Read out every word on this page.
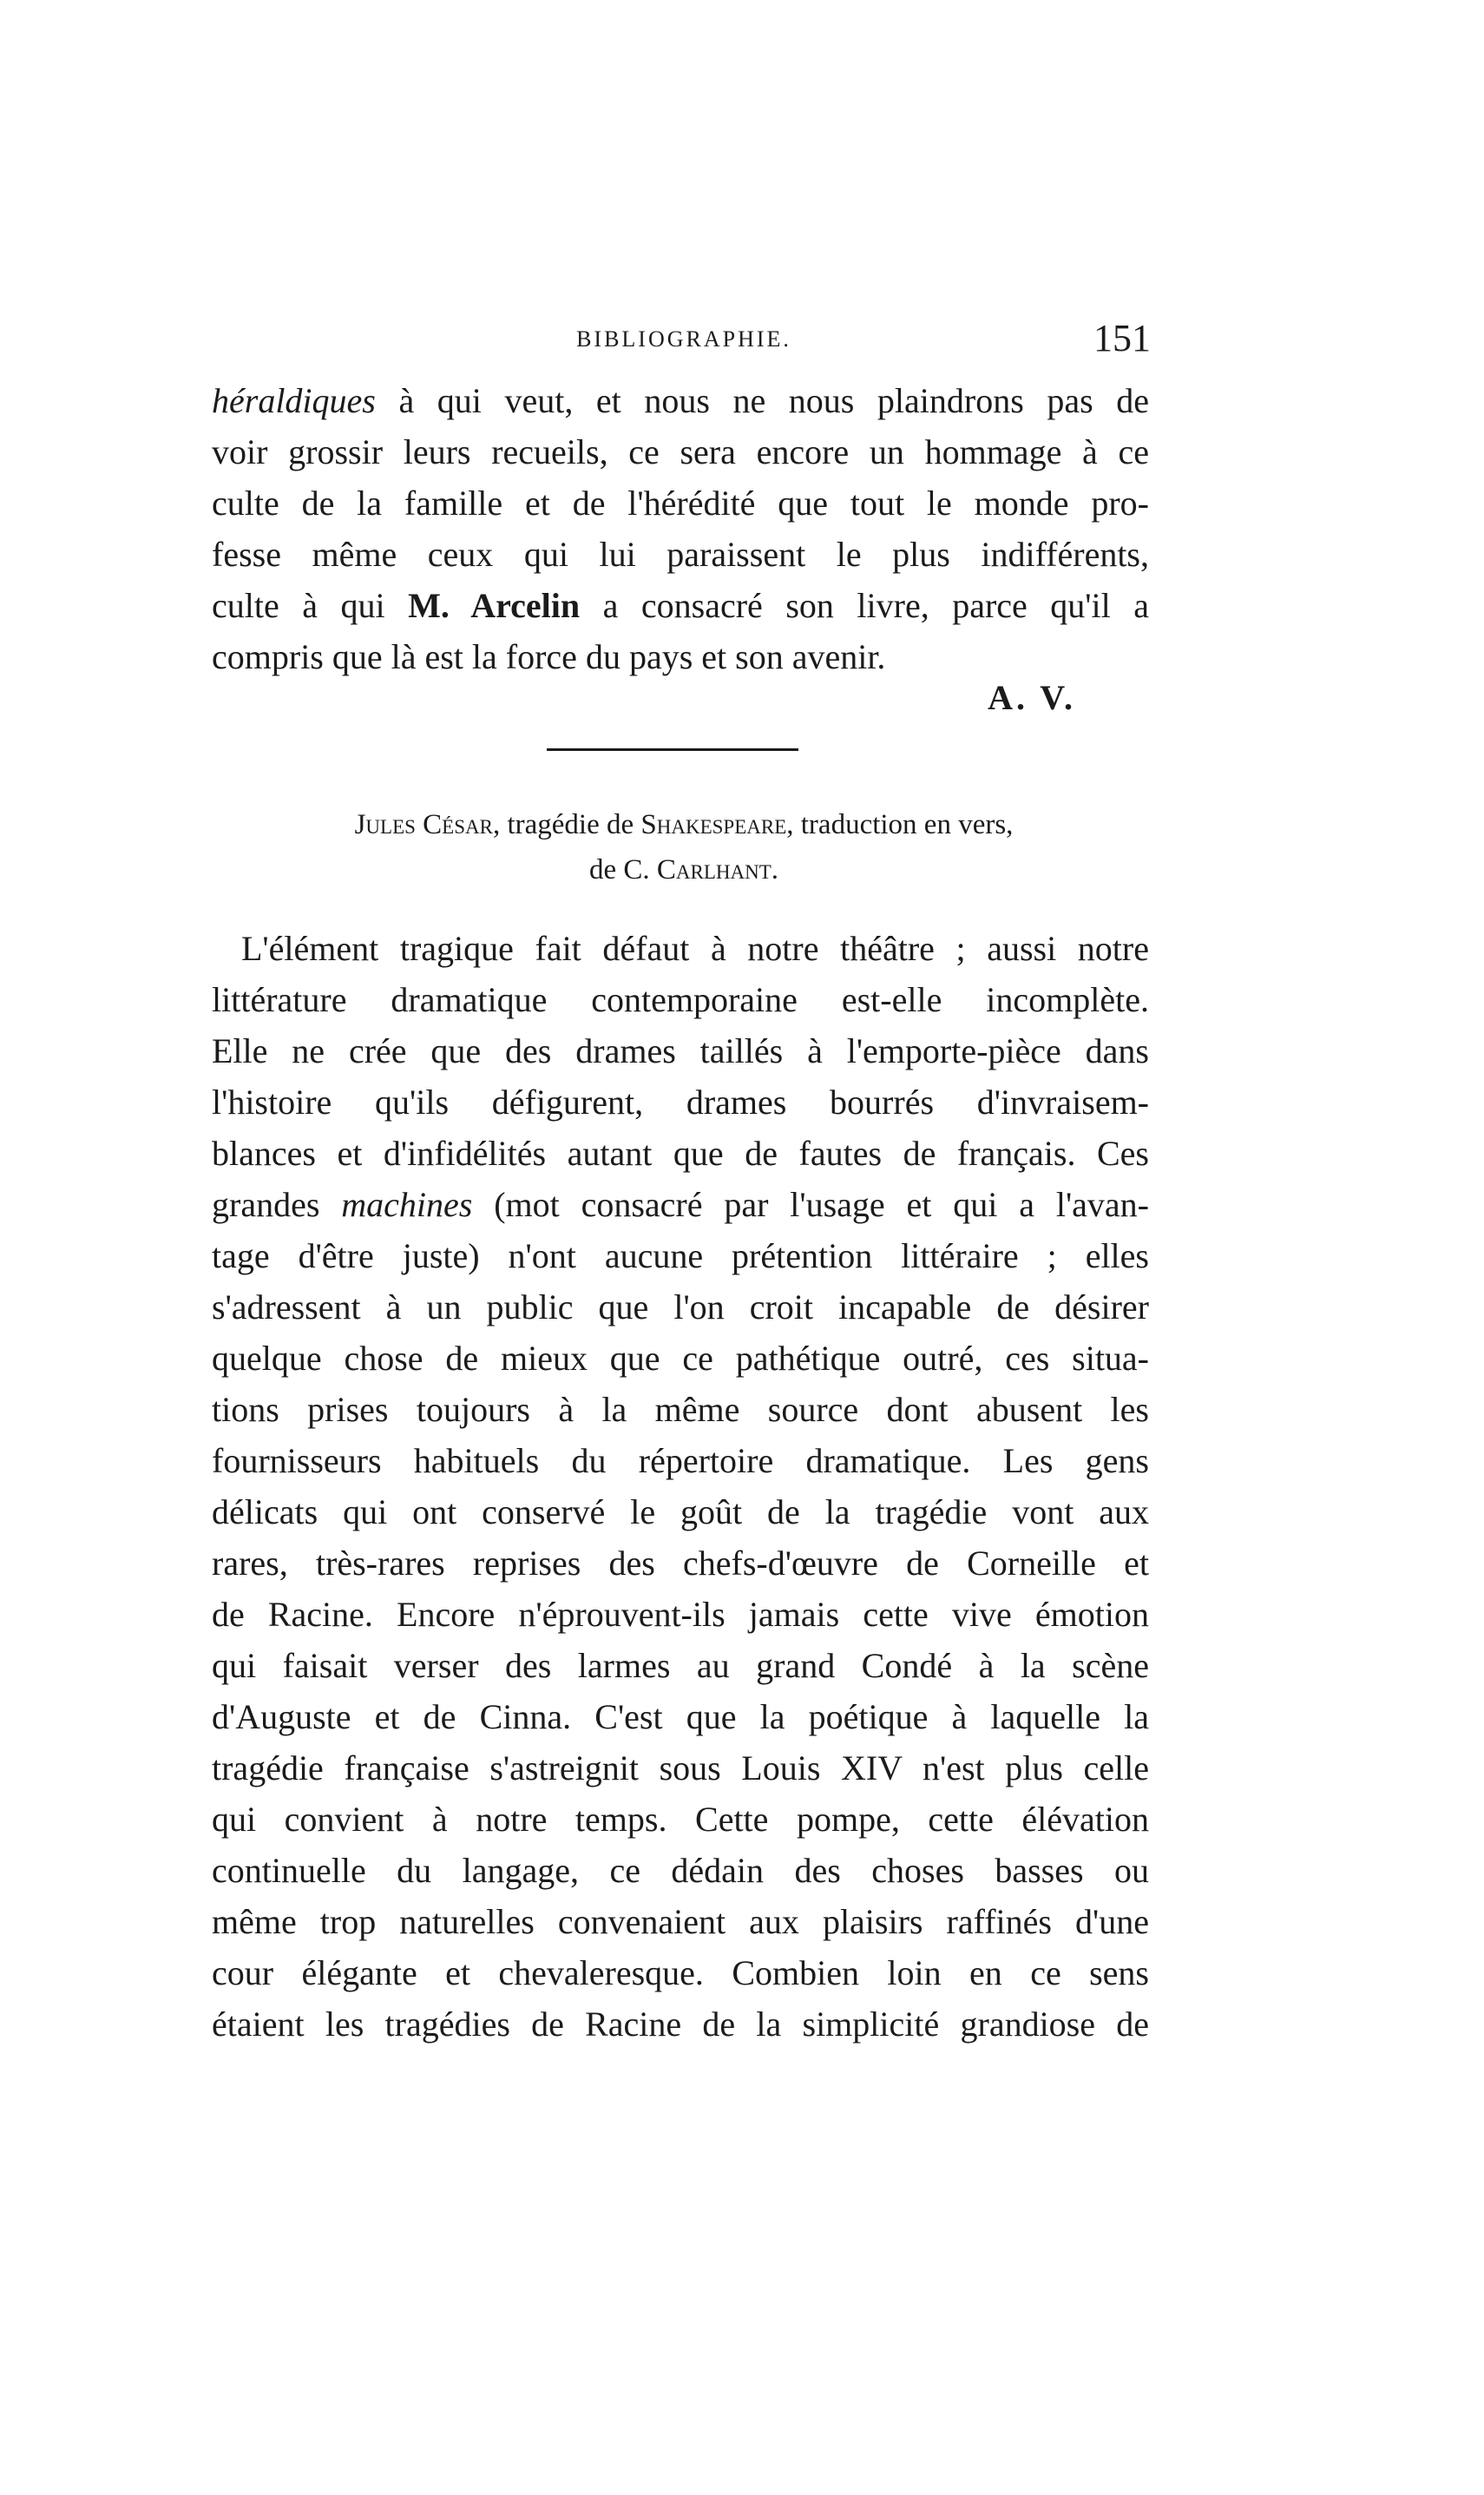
BIBLIOGRAPHIE.	151
héraldiques à qui veut, et nous ne nous plaindrons pas de
voir grossir leurs recueils, ce sera encore un hommage à ce
culte de la famille et de l'hérédité que tout le monde pro-
fesse même ceux qui lui paraissent le plus indifférents,
culte à qui M. Arcelin a consacré son livre, parce qu'il a
compris que là est la force du pays et son avenir.
A. V.
Jules César, tragédie de Shakespeare, traduction en vers,
de C. Carlhant.
L'élément tragique fait défaut à notre théâtre ; aussi notre
littérature dramatique contemporaine est-elle incomplète.
Elle ne crée que des drames taillés à l'emporte-pièce dans
l'histoire qu'ils défigurent, drames bourrés d'invraisem-
blances et d'infidélités autant que de fautes de français. Ces
grandes machines (mot consacré par l'usage et qui a l'avan-
tage d'être juste) n'ont aucune prétention littéraire ; elles
s'adressent à un public que l'on croit incapable de désirer
quelque chose de mieux que ce pathétique outré, ces situa-
tions prises toujours à la même source dont abusent les
fournisseurs habituels du répertoire dramatique. Les gens
délicats qui ont conservé le goût de la tragédie vont aux
rares, très-rares reprises des chefs-d'œuvre de Corneille et
de Racine. Encore n'éprouvent-ils jamais cette vive émotion
qui faisait verser des larmes au grand Condé à la scène
d'Auguste et de Cinna. C'est que la poétique à laquelle la
tragédie française s'astreignit sous Louis XIV n'est plus celle
qui convient à notre temps. Cette pompe, cette élévation
continuelle du langage, ce dédain des choses basses ou
même trop naturelles convenaient aux plaisirs raffinés d'une
cour élégante et chevaleresque. Combien loin en ce sens
étaient les tragédies de Racine de la simplicité grandiose de
